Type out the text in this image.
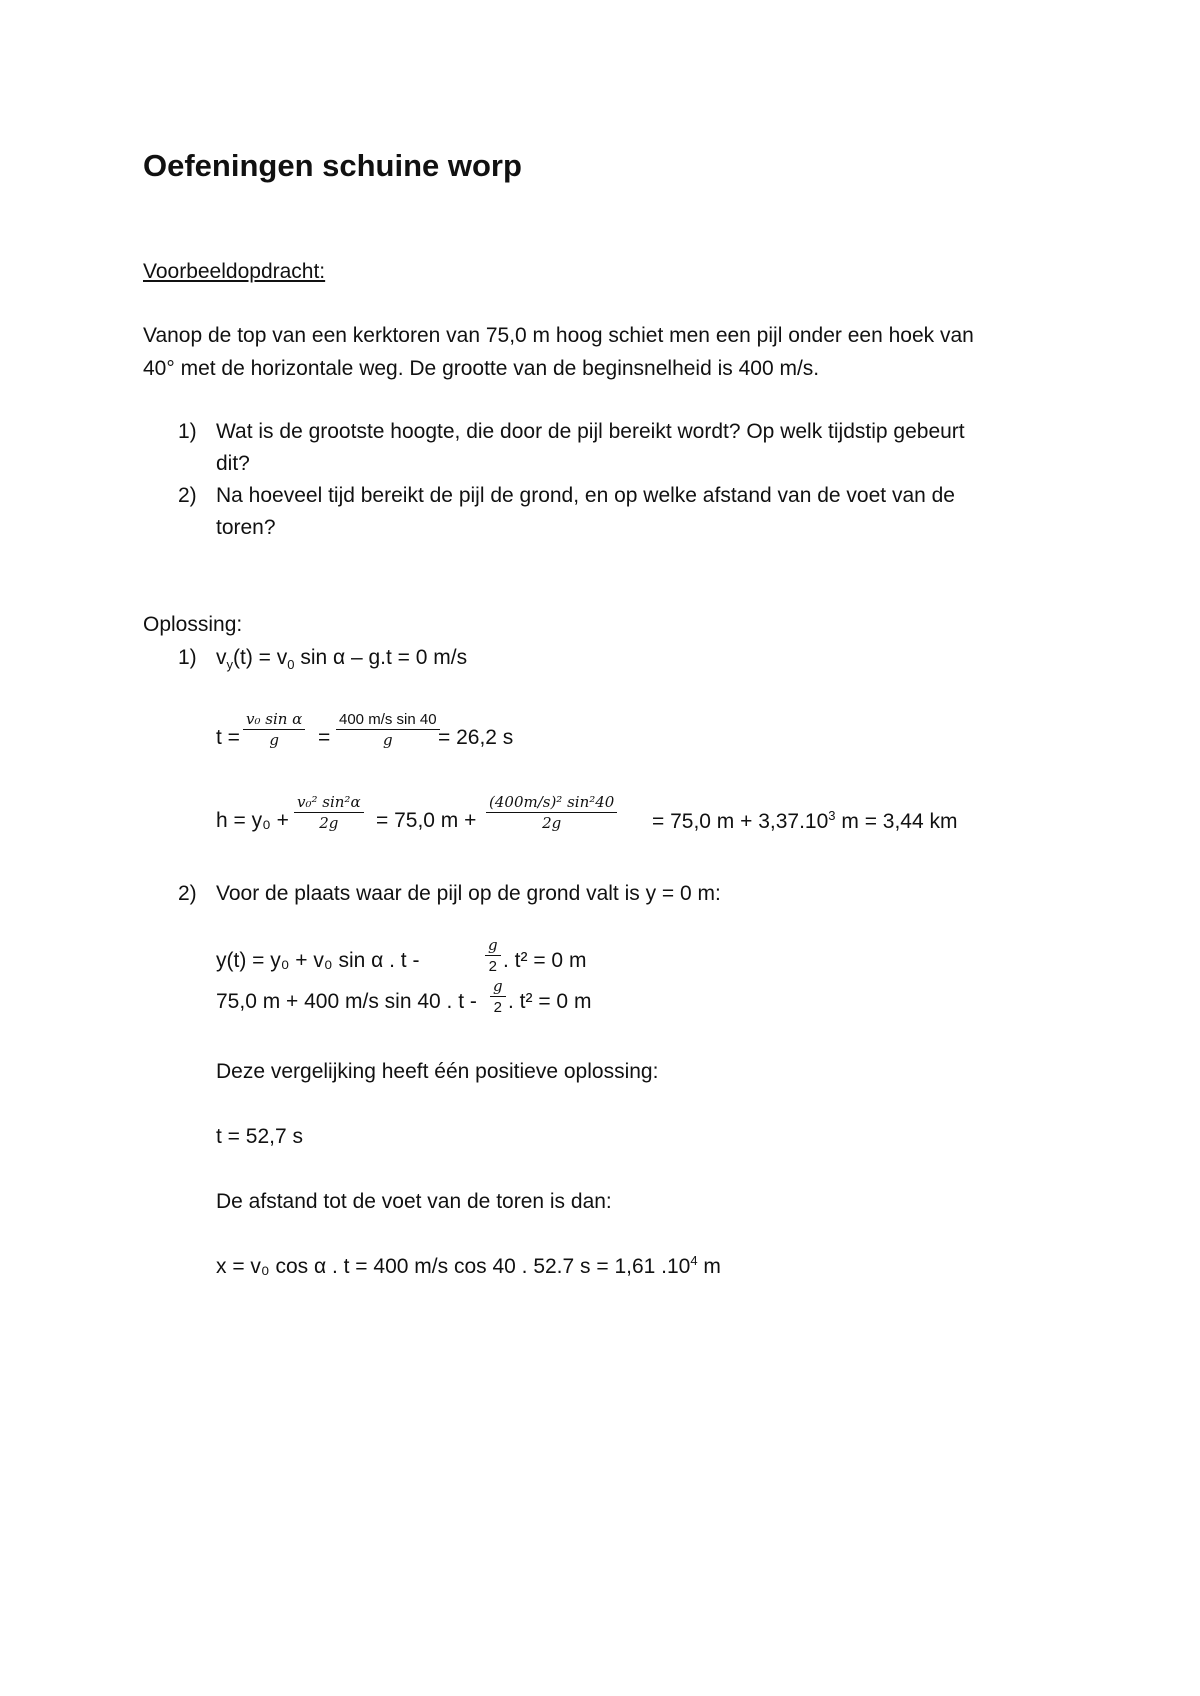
Oefeningen schuine worp
Voorbeeldopdracht:
Vanop de top van een kerktoren van 75,0 m hoog schiet men een pijl onder een hoek van
40° met de horizontale weg. De grootte van de beginsnelheid is 400 m/s.
1) Wat is de grootste hoogte, die door de pijl bereikt wordt? Op welk tijdstip gebeurt
dit?
2) Na hoeveel tijd bereikt de pijl de grond, en op welke afstand van de voet van de
toren?
Oplossing:
1) $v_y(t) = v_0$ sin α – g.t = 0 m/s
t =
v₀ sin α
g =
400 m/s sin 40
g = 26,2 s
h = y₀ +
v₀² sin²α
2g = 75,0 m +
(400m/s)² sin²40
2g	= 75,0 $m + 3,37.10^3$ m = 3,44 km
2) Voor de plaats waar de pijl op de grond valt is y = 0 m:
y(t) = y₀ + v₀ sin α . t -
g
2 . t² = 0 m
75,0 m + 400 m/s sin 40 . t -
g
2 . t² = 0 m
Deze vergelijking heeft één positieve oplossing:
t = 52,7 s
De afstand tot de voet van de toren is dan:
x = v₀ cos α . t = 400 m/s cos 40 . 52.7 s = 1,61 $.10^4$ m
